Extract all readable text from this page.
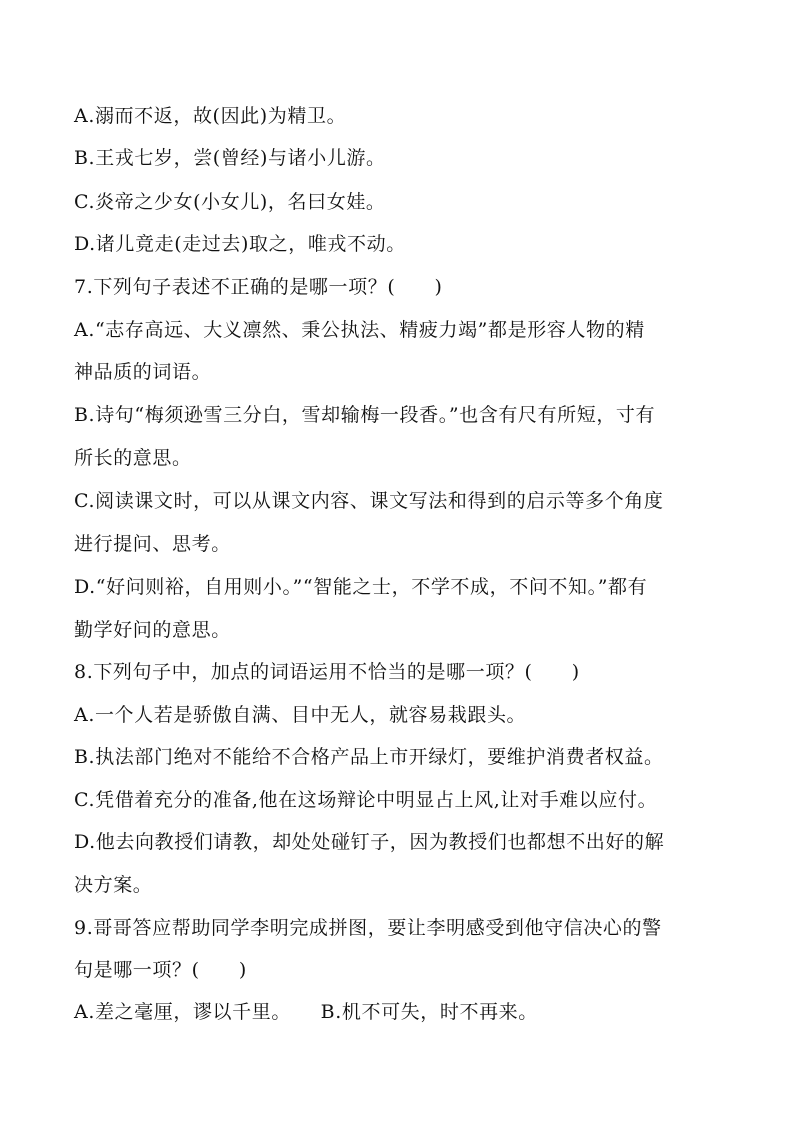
A.溺而不返，故(因此)为精卫。
B.王戎七岁，尝(曾经)与诸小儿游。
C.炎帝之少女(小女儿)，名曰女娃。
D.诸儿竟走(走过去)取之，唯戎不动。
7.下列句子表述不正确的是哪一项？(　　)
A.“志存高远、大义凛然、秉公执法、精疲力竭”都是形容人物的精
神品质的词语。
B.诗句“梅须逊雪三分白，雪却输梅一段香。”也含有尺有所短，寸有
所长的意思。
C.阅读课文时，可以从课文内容、课文写法和得到的启示等多个角度
进行提问、思考。
D.“好问则裕，自用则小。”“智能之士，不学不成，不问不知。”都有
勤学好问的意思。
8.下列句子中，加点的词语运用不恰当的是哪一项？(　　)
A.一个人若是骄傲自满、目中无人，就容易栽跟头。
B.执法部门绝对不能给不合格产品上市开绿灯，要维护消费者权益。
C.凭借着充分的准备,他在这场辩论中明显占上风,让对手难以应付。
D.他去向教授们请教，却处处碰钉子，因为教授们也都想不出好的解
决方案。
9.哥哥答应帮助同学李明完成拼图，要让李明感受到他守信决心的警
句是哪一项？(　　)
A.差之毫厘，谬以千里。　　B.机不可失，时不再来。
